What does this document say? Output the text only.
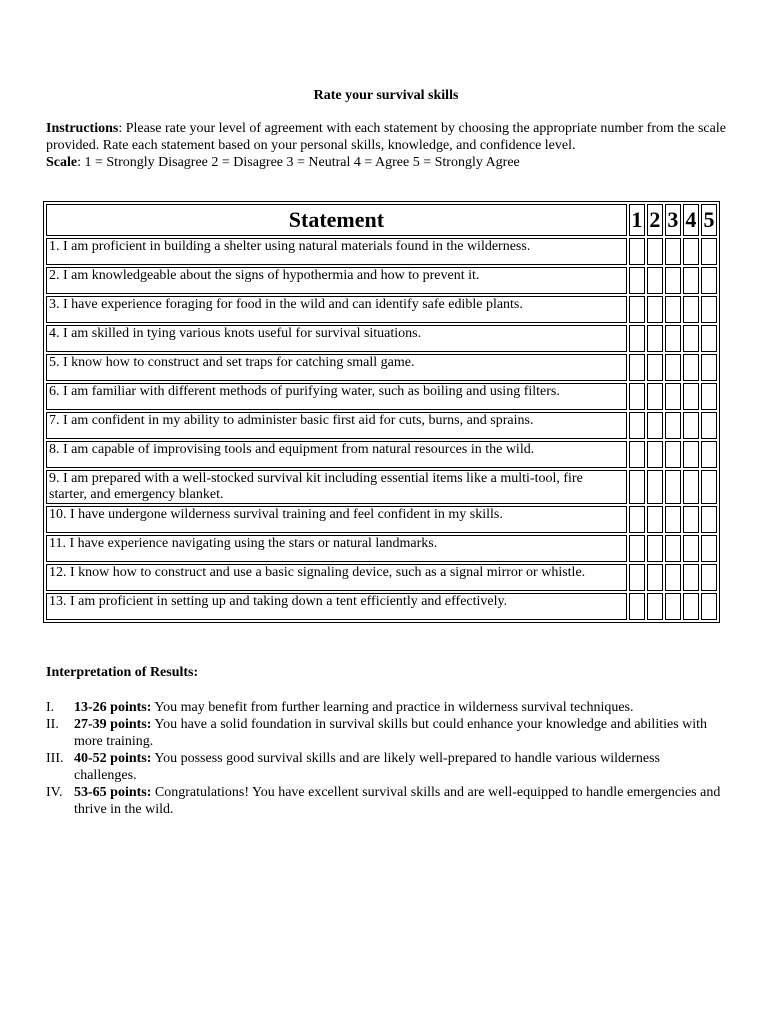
Rate your survival skills

Instructions: Please rate your level of agreement with each statement by choosing the appropriate number from the scale provided. Rate each statement based on your personal skills, knowledge, and confidence level.

Scale: 1 = Strongly Disagree 2 = Disagree 3 = Neutral 4 = Agree 5 = Strongly Agree

Statement	1	2	3	4	5
1. I am proficient in building a shelter using natural materials found in the wilderness.					
2. I am knowledgeable about the signs of hypothermia and how to prevent it.					
3. I have experience foraging for food in the wild and can identify safe edible plants.					
4. I am skilled in tying various knots useful for survival situations.					
5. I know how to construct and set traps for catching small game.					
6. I am familiar with different methods of purifying water, such as boiling and using filters.					
7. I am confident in my ability to administer basic first aid for cuts, burns, and sprains.					
8. I am capable of improvising tools and equipment from natural resources in the wild.					
9. I am prepared with a well-stocked survival kit including essential items like a multi-tool, fire starter, and emergency blanket.					
10. I have undergone wilderness survival training and feel confident in my skills.					
11. I have experience navigating using the stars or natural landmarks.					
12. I know how to construct and use a basic signaling device, such as a signal mirror or whistle.					
13. I am proficient in setting up and taking down a tent efficiently and effectively.					

Interpretation of Results:

I. 13-26 points: You may benefit from further learning and practice in wilderness survival techniques.
II. 27-39 points: You have a solid foundation in survival skills but could enhance your knowledge and abilities with more training.
III. 40-52 points: You possess good survival skills and are likely well-prepared to handle various wilderness challenges.
IV. 53-65 points: Congratulations! You have excellent survival skills and are well-equipped to handle emergencies and thrive in the wild.
